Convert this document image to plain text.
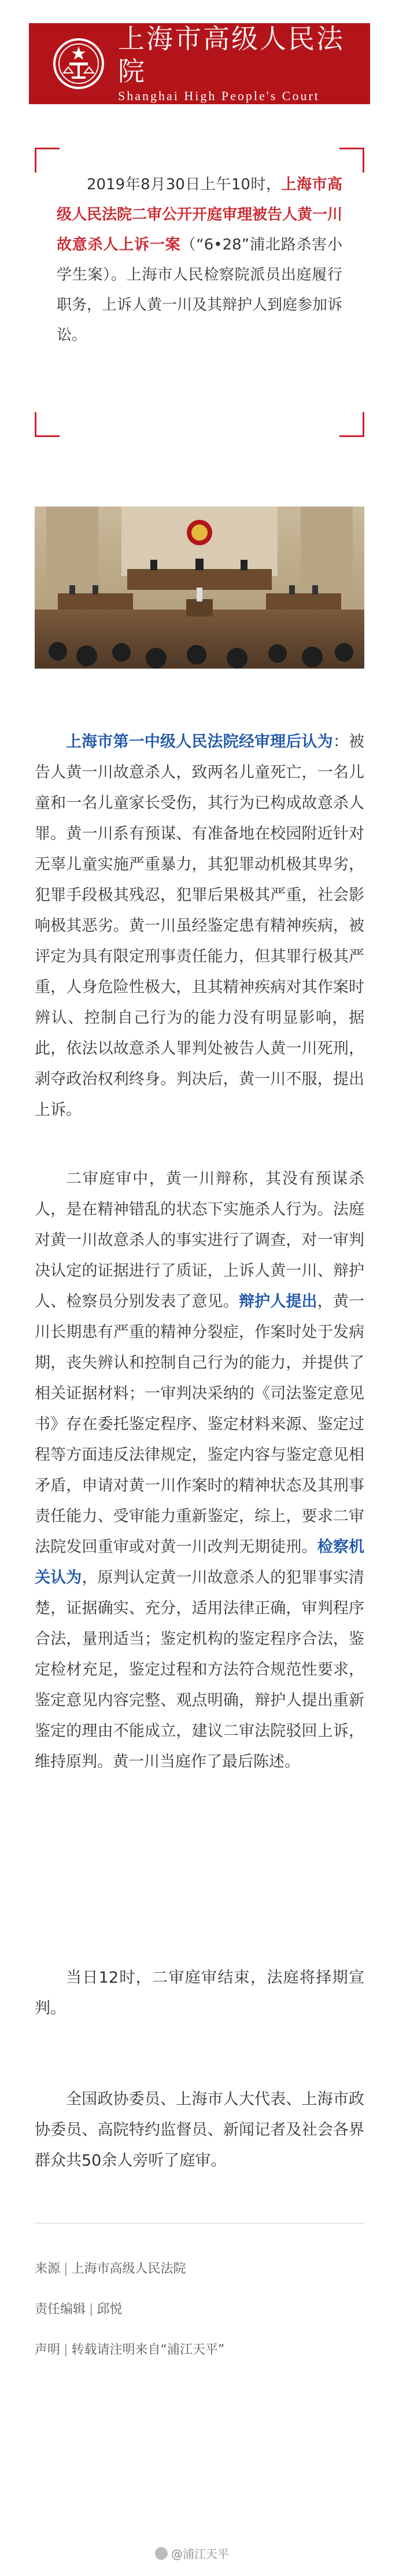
上海市高级人民法院
Shanghai High People's Court

2019年8月30日上午10时，上海市高级人民法院二审公开开庭审理被告人黄一川故意杀人上诉一案（“6•28”浦北路杀害小学生案）。上海市人民检察院派员出庭履行职务，上诉人黄一川及其辩护人到庭参加诉讼。

上海市第一中级人民法院经审理后认为：被告人黄一川故意杀人，致两名儿童死亡，一名儿童和一名儿童家长受伤，其行为已构成故意杀人罪。黄一川系有预谋、有准备地在校园附近针对无辜儿童实施严重暴力，其犯罪动机极其卑劣，犯罪手段极其残忍，犯罪后果极其严重，社会影响极其恶劣。黄一川虽经鉴定患有精神疾病，被评定为具有限定刑事责任能力，但其罪行极其严重，人身危险性极大，且其精神疾病对其作案时辨认、控制自己行为的能力没有明显影响，据此，依法以故意杀人罪判处被告人黄一川死刑，剥夺政治权利终身。判决后，黄一川不服，提出上诉。

二审庭审中，黄一川辩称，其没有预谋杀人，是在精神错乱的状态下实施杀人行为。法庭对黄一川故意杀人的事实进行了调查，对一审判决认定的证据进行了质证，上诉人黄一川、辩护人、检察员分别发表了意见。辩护人提出，黄一川长期患有严重的精神分裂症，作案时处于发病期，丧失辨认和控制自己行为的能力，并提供了相关证据材料；一审判决采纳的《司法鉴定意见书》存在委托鉴定程序、鉴定材料来源、鉴定过程等方面违反法律规定，鉴定内容与鉴定意见相矛盾，申请对黄一川作案时的精神状态及其刑事责任能力、受审能力重新鉴定，综上，要求二审法院发回重审或对黄一川改判无期徒刑。检察机关认为，原判认定黄一川故意杀人的犯罪事实清楚，证据确实、充分，适用法律正确，审判程序合法，量刑适当；鉴定机构的鉴定程序合法，鉴定检材充足，鉴定过程和方法符合规范性要求，鉴定意见内容完整、观点明确，辩护人提出重新鉴定的理由不能成立，建议二审法院驳回上诉，维持原判。黄一川当庭作了最后陈述。

当日12时，二审庭审结束，法庭将择期宣判。

全国政协委员、上海市人大代表、上海市政协委员、高院特约监督员、新闻记者及社会各界群众共50余人旁听了庭审。

来源 | 上海市高级人民法院
责任编辑 | 邱悦
声明 | 转载请注明来自“浦江天平”
@浦江天平
